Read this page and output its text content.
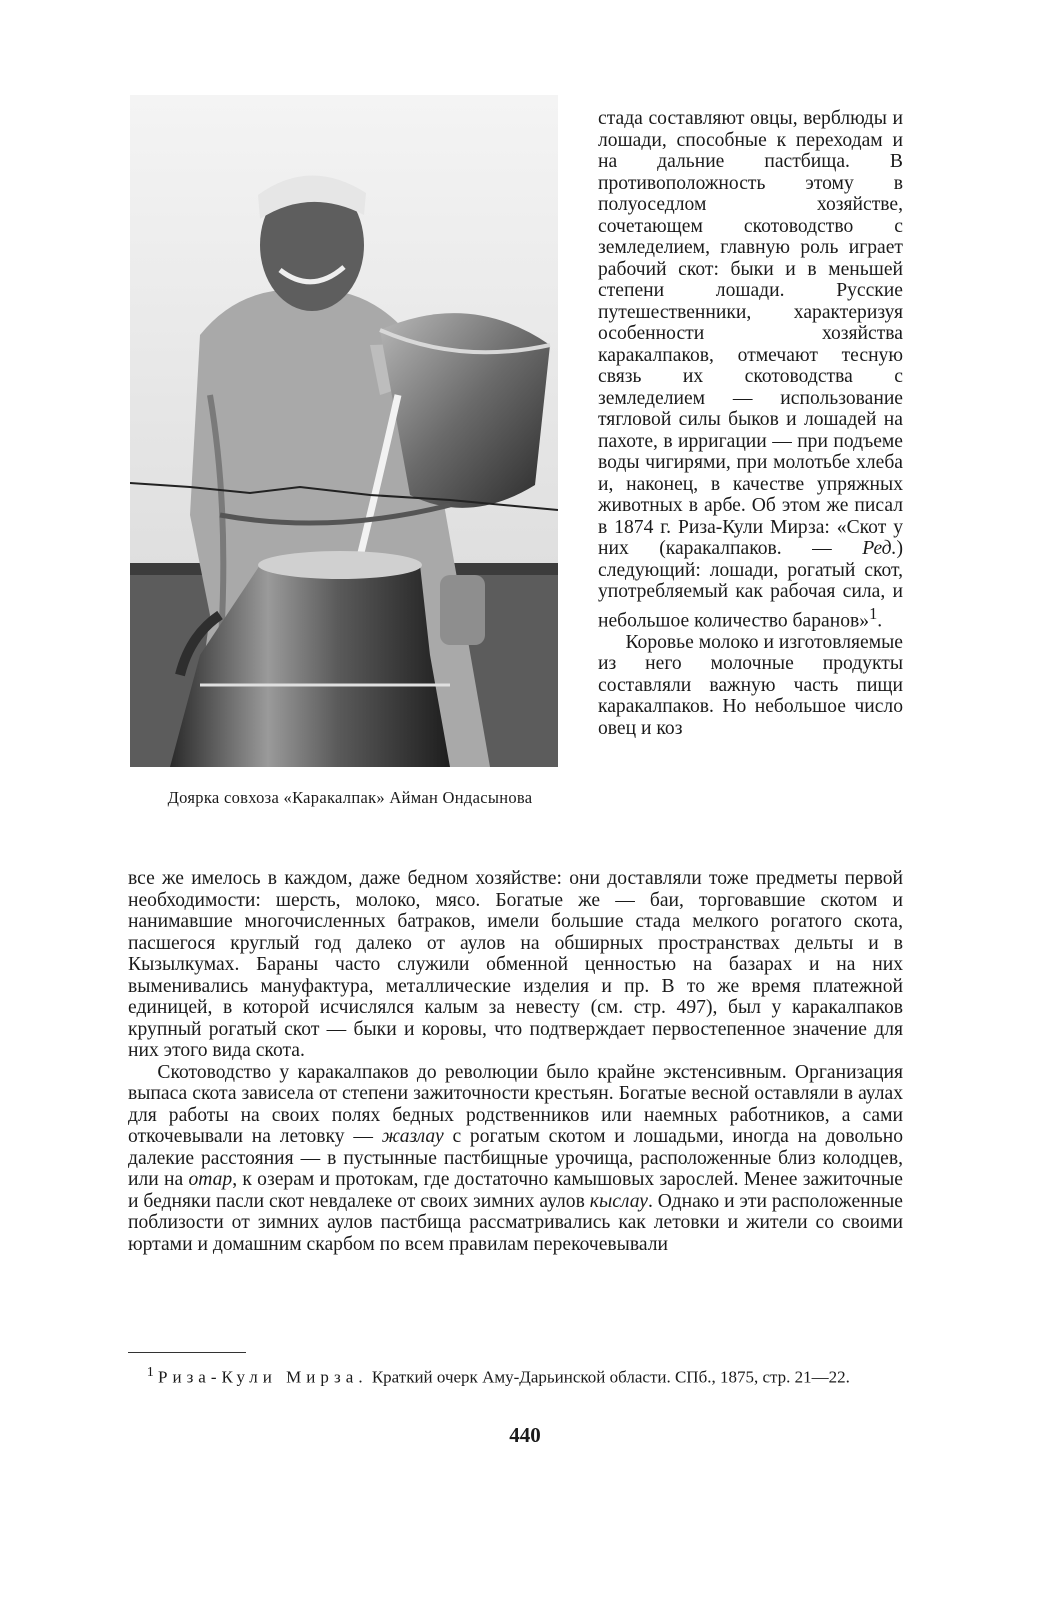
Доярка совхоза «Каракалпак» Айман Ондасынова

стада составляют овцы, верблюды и лошади, способные к переходам и на дальние пастбища. В противоположность этому в полуоседлом хозяйстве, сочетающем скотоводство с земледелием, главную роль играет рабочий скот: быки и в меньшей степени лошади. Русские путешественники, характеризуя особенности хозяйства каракалпаков, отмечают тесную связь их скотоводства с земледелием — использование тягловой силы быков и лошадей на пахоте, в ирригации — при подъеме воды чигирями, при молотьбе хлеба и, наконец, в качестве упряжных животных в арбе. Об этом же писал в 1874 г. Риза-Кули Мирза: «Скот у них (каракалпаков. — Ред.) следующий: лошади, рогатый скот, употребляемый как рабочая сила, и небольшое количество баранов»$^1$.

Коровье молоко и изготовляемые из него молочные продукты составляли важную часть пищи каракалпаков. Но небольшое число овец и коз

все же имелось в каждом, даже бедном хозяйстве: они доставляли тоже предметы первой необходимости: шерсть, молоко, мясо. Богатые же — баи, торговавшие скотом и нанимавшие многочисленных батраков, имели большие стада мелкого рогатого скота, пасшегося круглый год далеко от аулов на обширных пространствах дельты и в Кызылкумах. Бараны часто служили обменной ценностью на базарах и на них выменивались мануфактура, металлические изделия и пр. В то же время платежной единицей, в которой исчислялся калым за невесту (см. стр. 497), был у каракалпаков крупный рогатый скот — быки и коровы, что подтверждает первостепенное значение для них этого вида скота.

Скотоводство у каракалпаков до революции было крайне экстенсивным. Организация выпаса скота зависела от степени зажиточности крестьян. Богатые весной оставляли в аулах для работы на своих полях бедных родственников или наемных работников, а сами откочевывали на летовку — жазлау с рогатым скотом и лошадьми, иногда на довольно далекие расстояния — в пустынные пастбищные урочища, расположенные близ колодцев, или на отар, к озерам и протокам, где достаточно камышовых зарослей. Менее зажиточные и бедняки пасли скот невдалеке от своих зимних аулов кыслау. Однако и эти расположенные поблизости от зимних аулов пастбища рассматривались как летовки и жители со своими юртами и домашним скарбом по всем правилам перекочевывали

$^1$ Риза-Кули Мирза. Краткий очерк Аму-Дарьинской области. СПб., 1875, стр. 21—22.
440
